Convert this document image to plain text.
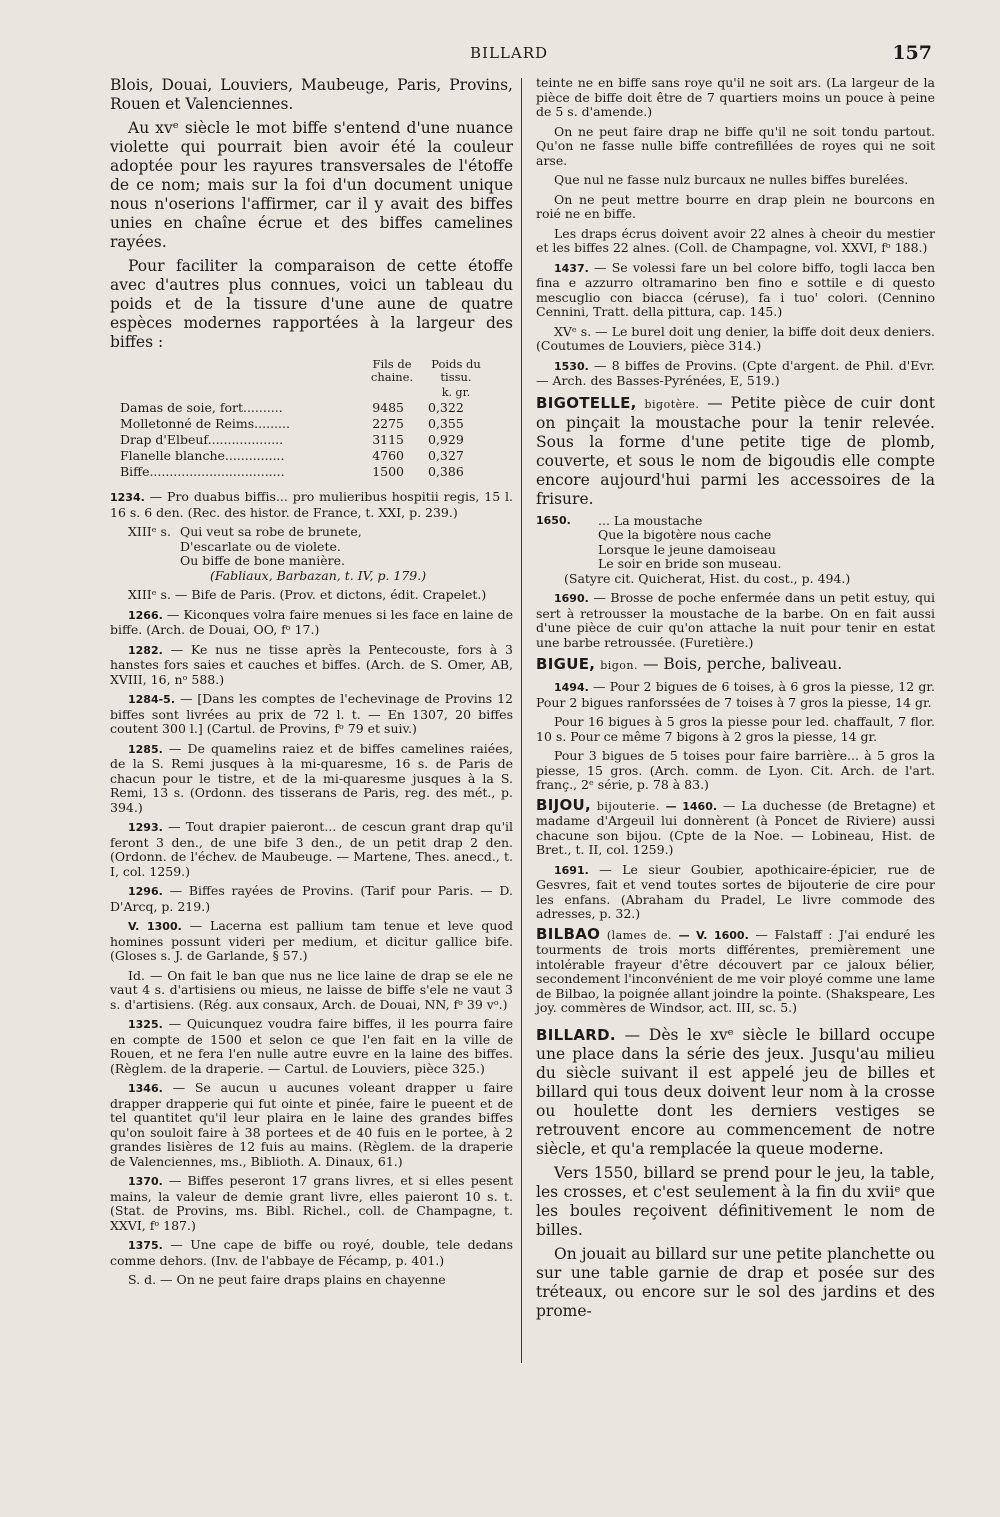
BILLARD	157

Blois, Douai, Louviers, Maubeuge, Paris, Provins, Rouen et Valenciennes.

Au xvᵉ siècle le mot biffe s'entend d'une nuance violette qui pourrait bien avoir été la couleur adoptée pour les rayures transversales de l'étoffe de ce nom; mais sur la foi d'un document unique nous n'oserions l'affirmer, car il y avait des biffes unies en chaîne écrue et des biffes camelines rayées.

Pour faciliter la comparaison de cette étoffe avec d'autres plus connues, voici un tableau du poids et de la tissure d'une aune de quatre espèces modernes rapportées à la largeur des biffes :

	Fils de chaine.	Poids du tissu.
		k. gr.
Damas de soie, fort..........	9485	0,322
Molletonné de Reims.........	2275	0,355
Drap d'Elbeuf...................	3115	0,929
Flanelle blanche...............	4760	0,327
Biffe..................................	1500	0,386

1234. — Pro duabus biffis... pro mulieribus hospitii regis, 15 l. 16 s. 6 den. (Rec. des histor. de France, t. XXI, p. 239.)

XIIIᵉ s. Qui veut sa robe de brunete,
D'escarlate ou de violete.
Ou biffe de bone manière.
(Fabliaux, Barbazan, t. IV, p. 179.)

XIIIᵉ s. — Bife de Paris. (Prov. et dictons, édit. Crapelet.)

1266. — Kiconques volra faire menues si les face en laine de biffe. (Arch. de Douai, OO, fᵒ 17.)

1282. — Ke nus ne tisse après la Pentecouste, fors à 3 hanstes fors saies et cauches et biffes. (Arch. de S. Omer, AB, XVIII, 16, nᵒ 588.)

1284-5. — [Dans les comptes de l'echevinage de Provins 12 biffes sont livrées au prix de 72 l. t. — En 1307, 20 biffes coutent 300 l.] (Cartul. de Provins, fᵒ 79 et suiv.)

1285. — De quamelins raiez et de biffes camelines raiées, de la S. Remi jusques à la mi-quaresme, 16 s. de Paris de chacun pour le tistre, et de la mi-quaresme jusques à la S. Remi, 13 s. (Ordonn. des tisserans de Paris, reg. des mét., p. 394.)

1293. — Tout drapier paieront... de cescun grant drap qu'il feront 3 den., de une bife 3 den., de un petit drap 2 den. (Ordonn. de l'échev. de Maubeuge. — Martene, Thes. anecd., t. I, col. 1259.)

1296. — Biffes rayées de Provins. (Tarif pour Paris. — D. D'Arcq, p. 219.)

V. 1300. — Lacerna est pallium tam tenue et leve quod homines possunt videri per medium, et dicitur gallice bife. (Gloses s. J. de Garlande, § 57.)

Id. — On fait le ban que nus ne lice laine de drap se ele ne vaut 4 s. d'artisiens ou mieus, ne laisse de biffe s'ele ne vaut 3 s. d'artisiens. (Rég. aux consaux, Arch. de Douai, NN, fᵒ 39 vᵒ.)

1325. — Quicunquez voudra faire biffes, il les pourra faire en compte de 1500 et selon ce que l'en fait en la ville de Rouen, et ne fera l'en nulle autre euvre en la laine des biffes. (Règlem. de la draperie. — Cartul. de Louviers, pièce 325.)

1346. — Se aucun u aucunes voleant drapper u faire drapper drapperie qui fut ointe et pinée, faire le pueent et de tel quantitet qu'il leur plaira en le laine des grandes biffes qu'on souloit faire à 38 portees et de 40 fuis en le portee, à 2 grandes lisières de 12 fuis au mains. (Règlem. de la draperie de Valenciennes, ms., Biblioth. A. Dinaux, 61.)

1370. — Biffes peseront 17 grans livres, et si elles pesent mains, la valeur de demie grant livre, elles paieront 10 s. t. (Stat. de Provins, ms. Bibl. Richel., coll. de Champagne, t. XXVI, fᵒ 187.)

1375. — Une cape de biffe ou royé, double, tele dedans comme dehors. (Inv. de l'abbaye de Fécamp, p. 401.)

S. d. — On ne peut faire draps plains en chayenne

teinte ne en biffe sans roye qu'il ne soit ars. (La largeur de la pièce de biffe doit être de 7 quartiers moins un pouce à peine de 5 s. d'amende.)

On ne peut faire drap ne biffe qu'il ne soit tondu partout. Qu'on ne fasse nulle biffe contrefillées de royes qui ne soit arse.

Que nul ne fasse nulz burcaux ne nulles biffes burelées.

On ne peut mettre bourre en drap plein ne bourcons en roié ne en biffe.

Les draps écrus doivent avoir 22 alnes à cheoir du mestier et les biffes 22 alnes. (Coll. de Champagne, vol. XXVI, fᵒ 188.)

1437. — Se volessi fare un bel colore biffo, togli lacca ben fina e azzurro oltramarino ben fino e sottile e di questo mescuglio con biacca (céruse), fa i tuo' colori. (Cennino Cennini, Tratt. della pittura, cap. 145.)

XVᵉ s. — Le burel doit ung denier, la biffe doit deux deniers. (Coutumes de Louviers, pièce 314.)

1530. — 8 biffes de Provins. (Cpte d'argent. de Phil. d'Evr. — Arch. des Basses-Pyrénées, E, 519.)

BIGOTELLE, bigotère. — Petite pièce de cuir dont on pinçait la moustache pour la tenir relevée. Sous la forme d'une petite tige de plomb, couverte, et sous le nom de bigoudis elle compte encore aujourd'hui parmi les accessoires de la frisure.

1650.	... La moustache
Que la bigotère nous cache
Lorsque le jeune damoiseau
Le soir en bride son museau.
(Satyre cit. Quicherat, Hist. du cost., p. 494.)

1690. — Brosse de poche enfermée dans un petit estuy, qui sert à retrousser la moustache de la barbe. On en fait aussi d'une pièce de cuir qu'on attache la nuit pour tenir en estat une barbe retroussée. (Furetière.)

BIGUE, bigon. — Bois, perche, baliveau.

1494. — Pour 2 bigues de 6 toises, à 6 gros la piesse, 12 gr. Pour 2 bigues ranforssées de 7 toises à 7 gros la piesse, 14 gr.

Pour 16 bigues à 5 gros la piesse pour led. chaffault, 7 flor. 10 s. Pour ce même 7 bigons à 2 gros la piesse, 14 gr.

Pour 3 bigues de 5 toises pour faire barrière... à 5 gros la piesse, 15 gros. (Arch. comm. de Lyon. Cit. Arch. de l'art. franç., 2ᵉ série, p. 78 à 83.)

BIJOU, bijouterie. — 1460. — La duchesse (de Bretagne) et madame d'Argeuil lui donnèrent (à Poncet de Riviere) aussi chacune son bijou. (Cpte de la Noe. — Lobineau, Hist. de Bret., t. II, col. 1259.)

1691. — Le sieur Goubier, apothicaire-épicier, rue de Gesvres, fait et vend toutes sortes de bijouterie de cire pour les enfans. (Abraham du Pradel, Le livre commode des adresses, p. 32.)

BILBAO (lames de. — V. 1600. — Falstaff : J'ai enduré les tourments de trois morts différentes, premièrement une intolérable frayeur d'être découvert par ce jaloux bélier, secondement l'inconvénient de me voir ployé comme une lame de Bilbao, la poignée allant joindre la pointe. (Shakspeare, Les joy. commères de Windsor, act. III, sc. 5.)

BILLARD. — Dès le xvᵉ siècle le billard occupe une place dans la série des jeux. Jusqu'au milieu du siècle suivant il est appelé jeu de billes et billard qui tous deux doivent leur nom à la crosse ou houlette dont les derniers vestiges se retrouvent encore au commencement de notre siècle, et qu'a remplacée la queue moderne.

Vers 1550, billard se prend pour le jeu, la table, les crosses, et c'est seulement à la fin du xviiᵉ que les boules reçoivent définitivement le nom de billes.

On jouait au billard sur une petite planchette ou sur une table garnie de drap et posée sur des tréteaux, ou encore sur le sol des jardins et des prome-
